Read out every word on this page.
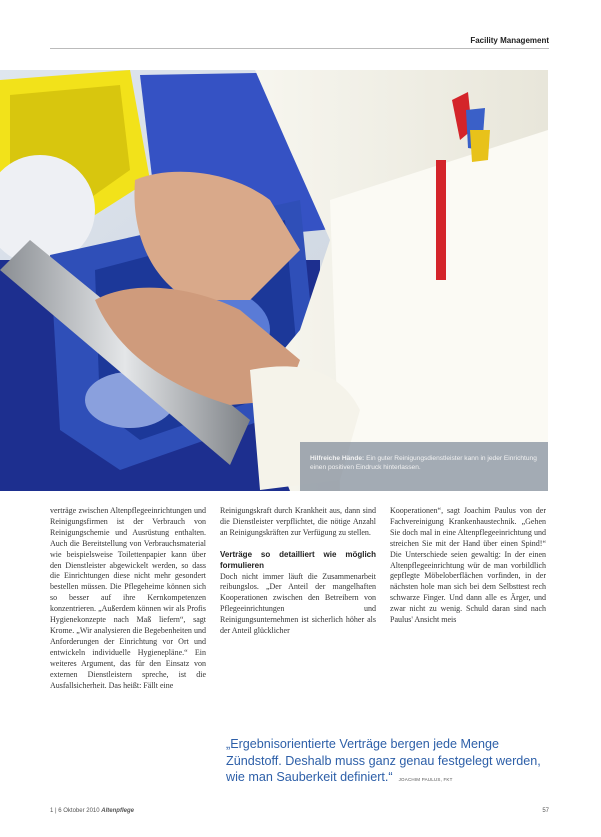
Facility Management
Hilfreiche Hände: Ein guter Reinigungsdienstleister kann in jeder Einrichtung einen positiven Eindruck hinterlassen.

verträge zwischen Altenpflegeeinrichtungen und Reinigungsfirmen ist der Verbrauch von Reinigungschemie und Ausrüstung enthalten. Auch die Bereitstellung von Verbrauchsmaterial wie beispielsweise Toilettenpapier kann über den Dienstleister abgewickelt werden, so dass die Einrichtungen diese nicht mehr gesondert bestellen müssen. Die Pflegeheime können sich so besser auf ihre Kernkompetenzen konzentrieren. „Außerdem können wir als Profis Hygienekonzepte nach Maß liefern“, sagt Krome. „Wir analysieren die Begebenheiten und Anforderungen der Einrichtung vor Ort und entwickeln individuelle Hygienepläne.“ Ein weiteres Argument, das für den Einsatz von externen Dienstleistern spreche, ist die Ausfallsicherheit. Das heißt: Fällt eine

Reinigungskraft durch Krankheit aus, dann sind die Dienstleister verpflichtet, die nötige Anzahl an Reinigungskräften zur Verfügung zu stellen.

Verträge so detailliert wie möglich formulieren

Doch nicht immer läuft die Zusammenarbeit reibungslos. „Der Anteil der mangelhaften Kooperationen zwischen den Betreibern von Pflegeeinrichtungen und Reinigungsunternehmen ist sicherlich höher als der Anteil glücklicher

Kooperationen“, sagt Joachim Paulus von der Fachvereinigung Krankenhaustechnik. „Gehen Sie doch mal in eine Altenpflegeeinrichtung und streichen Sie mit der Hand über einen Spind!“ Die Unterschiede seien gewaltig: In der einen Altenpflegeeinrichtung wür de man vorbildlich gepflegte Möbeloberflächen vorfinden, in der nächsten hole man sich bei dem Selbsttest rech schwarze Finger. Und dann alle es Ärger, und zwar nicht zu wenig. Schuld daran sind nach Paulus' Ansicht meis

„Ergebnisorientierte Verträge bergen jede Menge Zündstoff. Deshalb muss ganz genau festgelegt werden, wie man Sauberkeit definiert.“ JOACHIM PAULUS, FKT
1 | 6 Oktober 2010 Altenpflege	57
